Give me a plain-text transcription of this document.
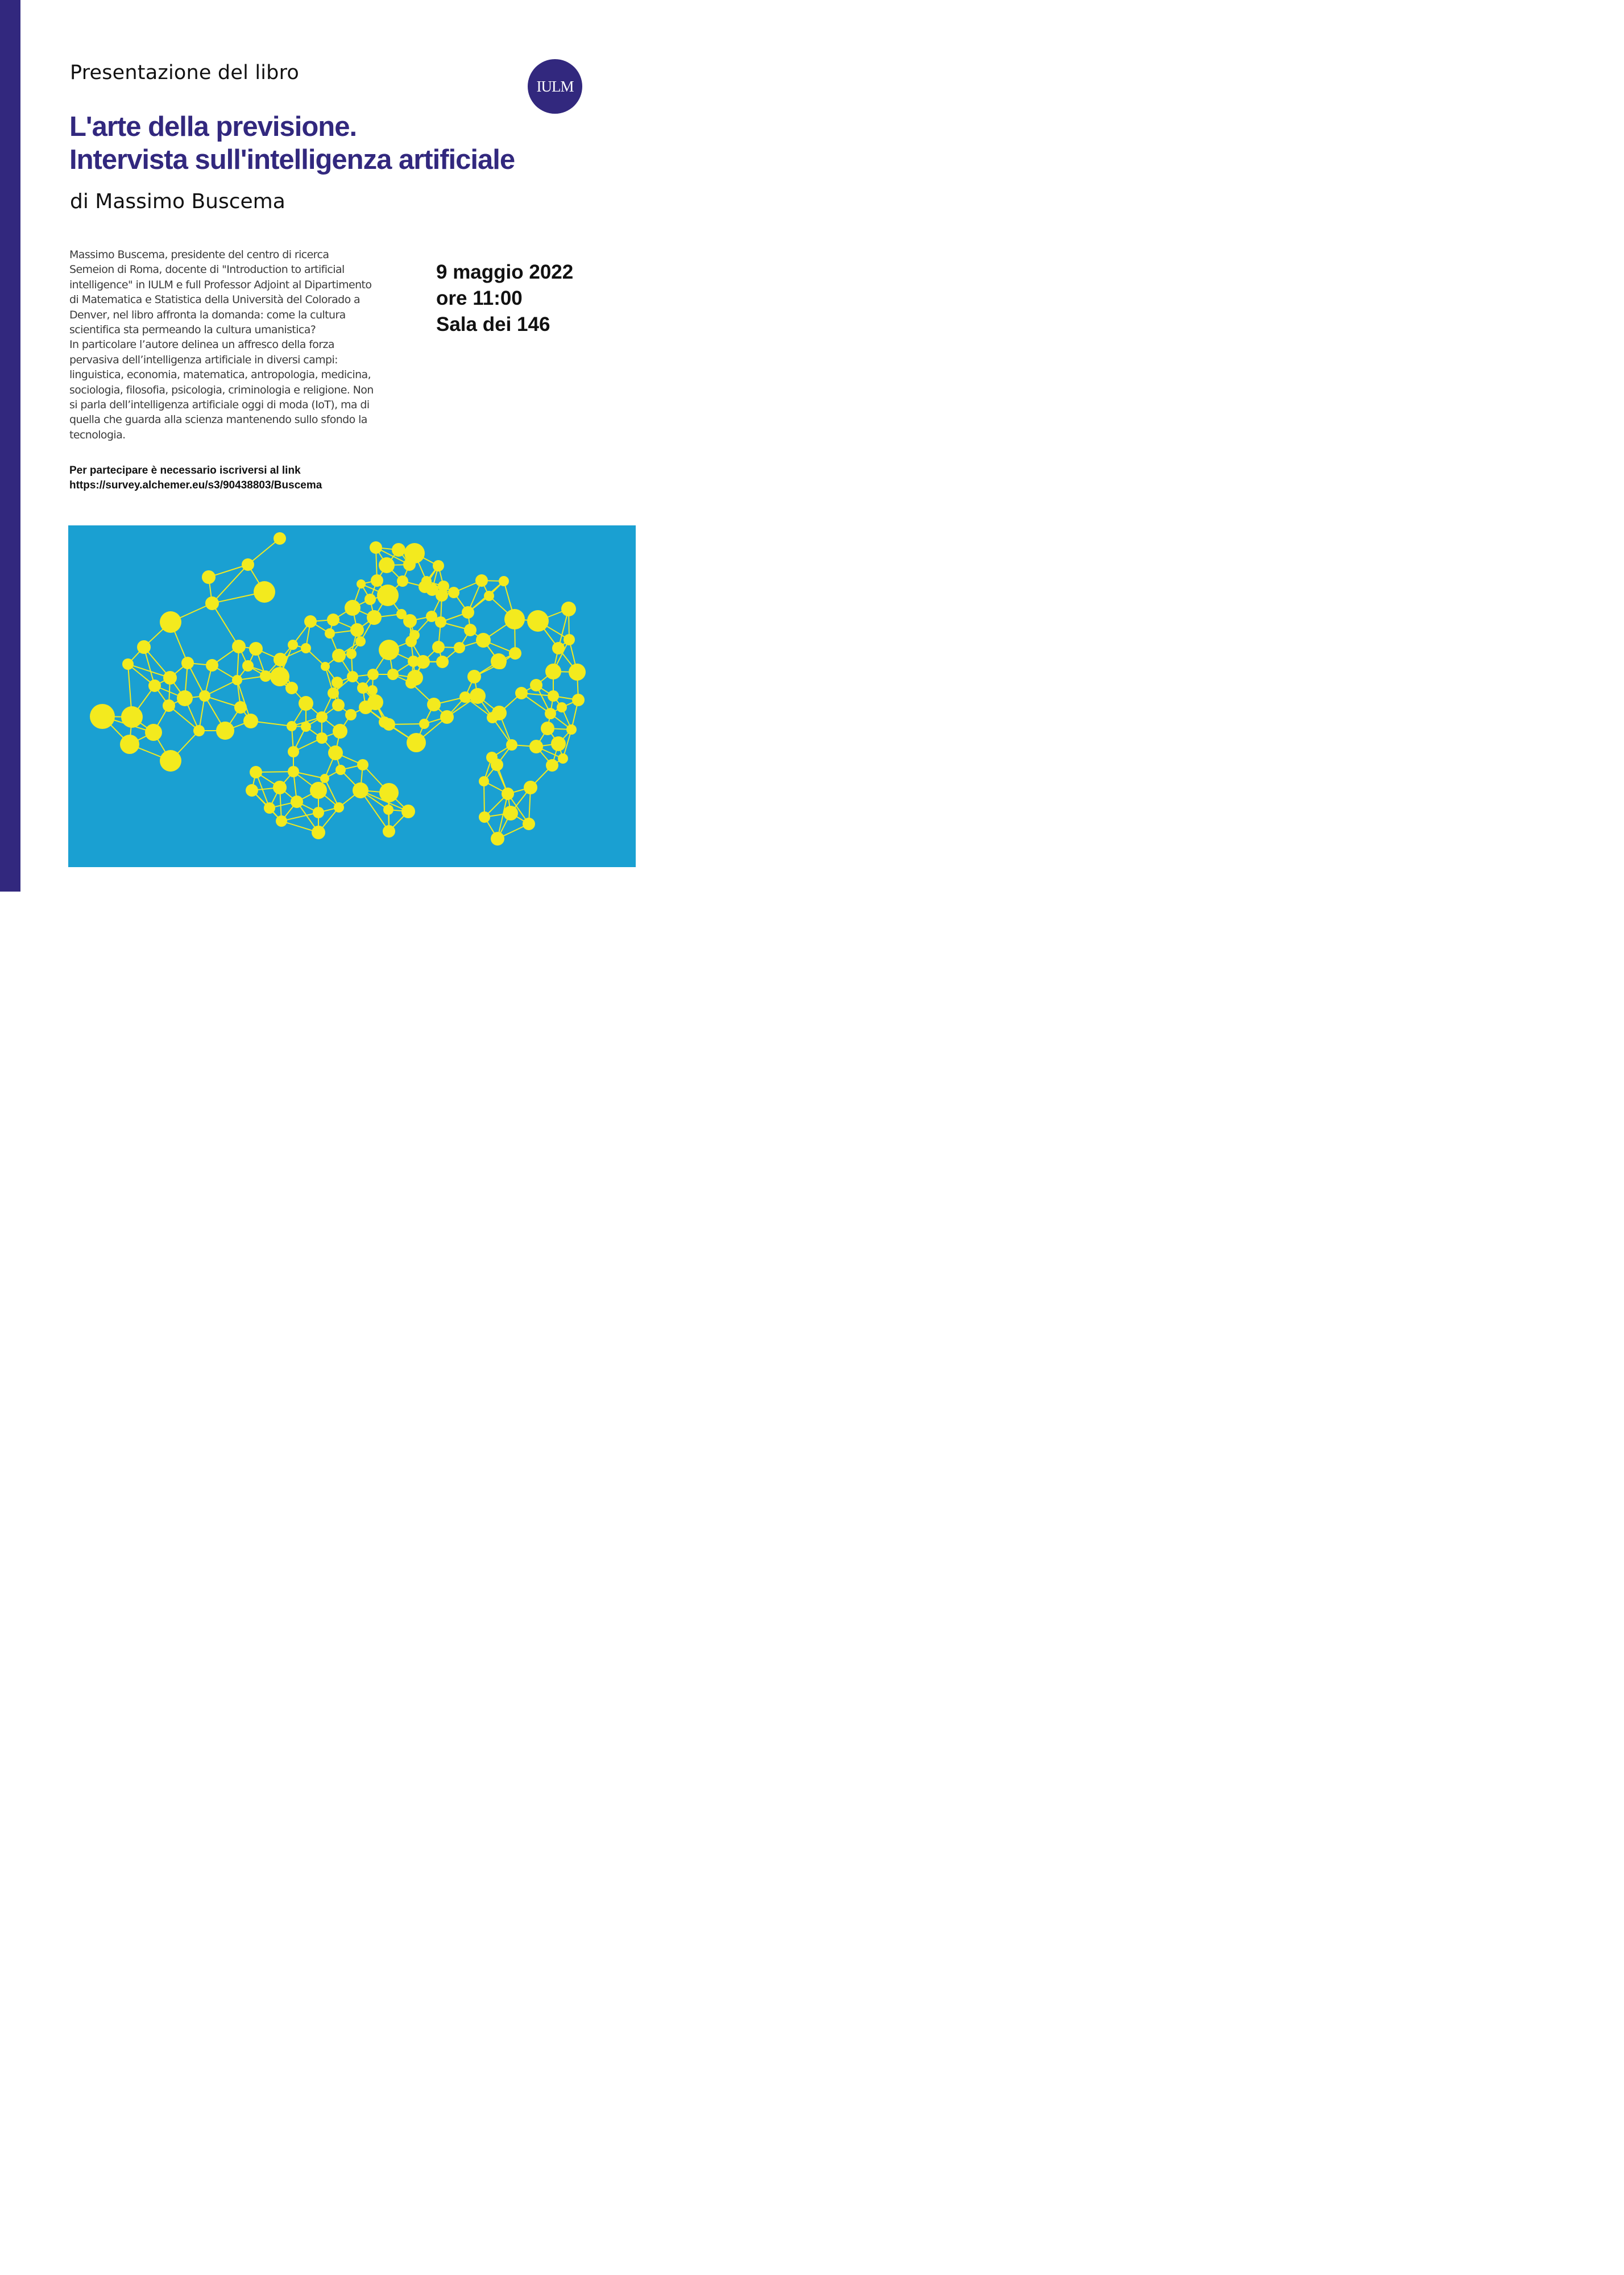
Presentazione del libro
IULM
L'arte della previsione.
Intervista sull'intelligenza artificiale
di Massimo Buscema
Massimo Buscema, presidente del centro di ricerca
Semeion di Roma, docente di "Introduction to artificial
intelligence" in IULM e full Professor Adjoint al Dipartimento
di Matematica e Statistica della Università del Colorado a
Denver, nel libro affronta la domanda: come la cultura
scientifica sta permeando la cultura umanistica?
In particolare l’autore delinea un affresco della forza
pervasiva dell’intelligenza artificiale in diversi campi:
linguistica, economia, matematica, antropologia, medicina,
sociologia, filosofia, psicologia, criminologia e religione. Non
si parla dell’intelligenza artificiale oggi di moda (IoT), ma di
quella che guarda alla scienza mantenendo sullo sfondo la
tecnologia.
9 maggio 2022
ore 11:00
Sala dei 146
Per partecipare è necessario iscriversi al link
https://survey.alchemer.eu/s3/90438803/Buscema
